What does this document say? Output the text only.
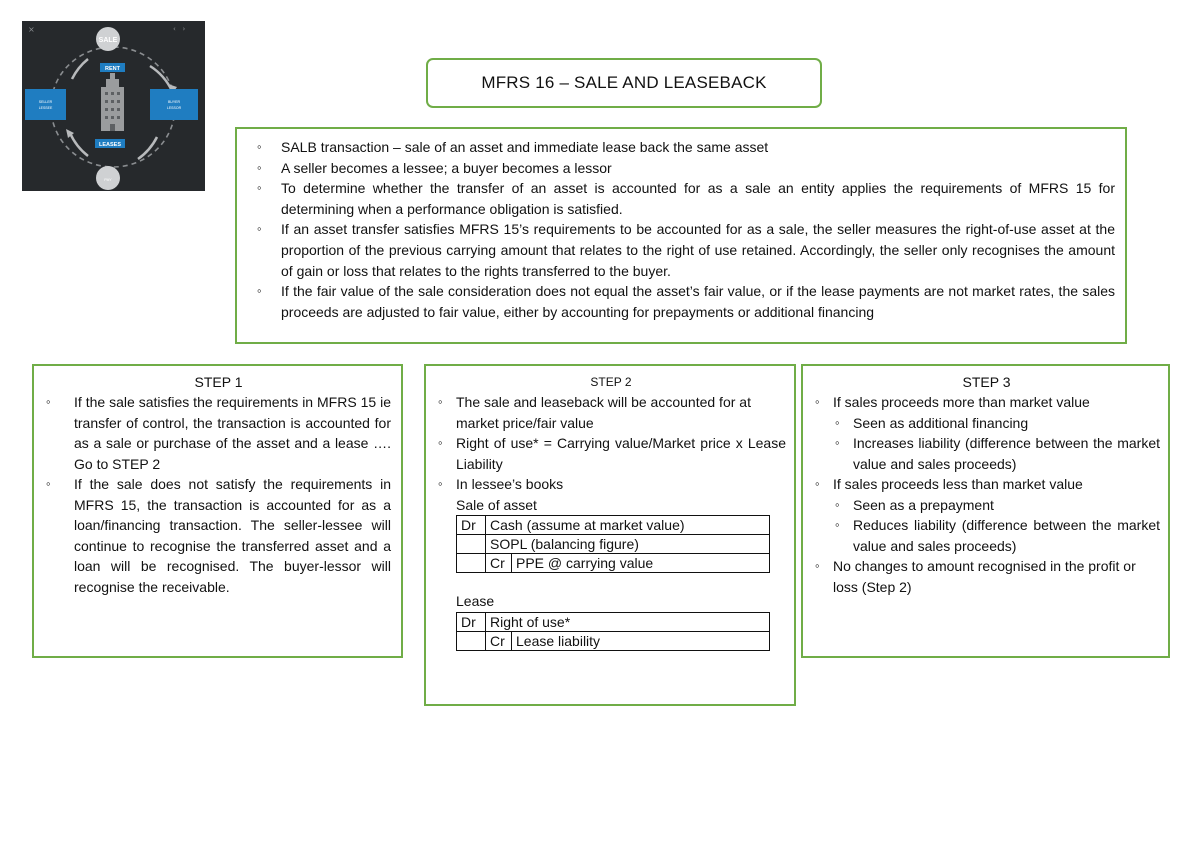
SALE
PAY
RENT
LEASES
SELLER
LESSEE
BUYER
LESSOR
×	‹   ›
MFRS 16 – SALE AND LEASEBACK
◦ SALB transaction – sale of an asset and immediate lease back the same asset
◦ A seller becomes a lessee; a buyer becomes a lessor
◦ To determine whether the transfer of an asset is accounted for as a sale an entity applies the requirements of MFRS 15 for determining when a performance obligation is satisfied.
◦ If an asset transfer satisfies MFRS 15’s requirements to be accounted for as a sale, the seller measures the right-of-use asset at the proportion of the previous carrying amount that relates to the right of use retained. Accordingly, the seller only recognises the amount of gain or loss that relates to the rights transferred to the buyer.
◦ If the fair value of the sale consideration does not equal the asset’s fair value, or if the lease payments are not market rates, the sales proceeds are adjusted to fair value, either by accounting for prepayments or additional financing
STEP 1
◦ If the sale satisfies the requirements in MFRS 15 ie transfer of control, the transaction is accounted for as a sale or purchase of the asset and a lease …. Go to STEP 2
◦ If the sale does not satisfy the requirements in MFRS 15, the transaction is accounted for as a loan/financing transaction. The seller-lessee will continue to recognise the transferred asset and a loan will be recognised. The buyer-lessor will recognise the receivable.
STEP 2
◦ The sale and leaseback will be accounted for at market price/fair value
◦ Right of use* = Carrying value/Market price x Lease Liability
◦ In lessee’s books
Sale of asset
Dr	Cash (assume at market value)	
	SOPL (balancing figure)	
	Cr	PPE @ carrying value
Lease
Dr	Right of use*	
	Cr	Lease liability
STEP 3
◦ If sales proceeds more than market value
◦ Seen as additional financing
◦ Increases liability (difference between the market value and sales proceeds)
◦ If sales proceeds less than market value
◦ Seen as a prepayment
◦ Reduces liability (difference between the market value and sales proceeds)
◦ No changes to amount recognised in the profit or loss (Step 2)
